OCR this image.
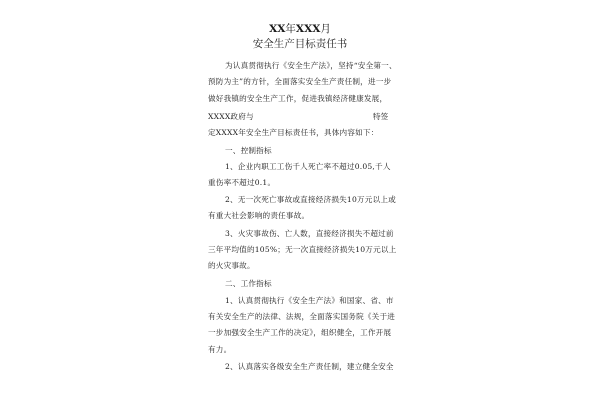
XX年XXX月
安全生产目标责任书
为认真贯彻执行《安全生产法》，坚持“安全第一、
预防为主”的方针，全面落实安全生产责任制，进一步
做好我镇的安全生产工作，促进我镇经济健康发展，
XXXX政府与	特签
定XXXX年安全生产目标责任书，具体内容如下：
一、控制指标
1、企业内职工工伤千人死亡率不超过0.05,千人
重伤率不超过0.1。
2、无一次死亡事故或直接经济损失10万元以上或
有重大社会影响的责任事故。
3、火灾事故伤、亡人数，直接经济损失不超过前
三年平均值的105%；无一次直接经济损失10万元以上
的火灾事故。
二、工作指标
1、认真贯彻执行《安全生产法》和国家、省、市
有关安全生产的法律、法规，全面落实国务院《关于进
一步加强安全生产工作的决定》，组织健全，工作开展
有力。
2、认真落实各级安全生产责任制，建立健全安全
